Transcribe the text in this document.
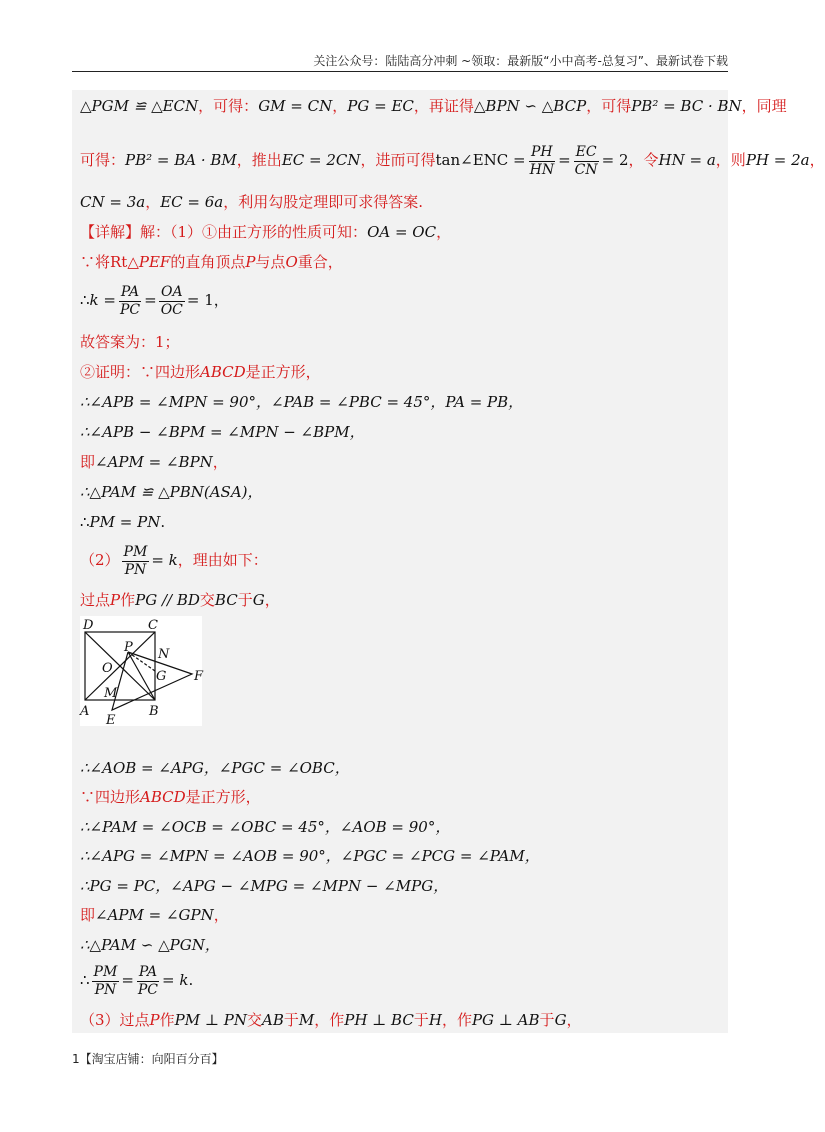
关注公众号：陆陆高分冲刺 ~领取：最新版“小中高考-总复习”、最新试卷下载
△PGM ≌ △ECN，可得：GM = CN，PG = EC，再证得△BPN ∽ △BCP，可得PB² = BC · BN，同理
可得：PB² = BA · BM，推出EC = 2CN，进而可得tan∠ENC = $\frac{PH}{HN} = \frac{EC}{CN} = 2$，令HN = a，则PH = 2a，
CN = 3a，EC = 6a，利用勾股定理即可求得答案.
【详解】解：（1）①由正方形的性质可知：OA = OC，
∵将Rt△PEF的直角顶点P与点O重合，
∴k = $\frac{PA}{PC} = \frac{OA}{OC} = 1$，
故答案为：1；
②证明：∵四边形ABCD是正方形，
∴∠APB = ∠MPN = 90°，∠PAB = ∠PBC = 45°，PA = PB，
∴∠APB − ∠BPM = ∠MPN − ∠BPM，
即∠APM = ∠BPN，
∴△PAM ≌ △PBN(ASA)，
∴PM = PN.
$(2) \frac{PM}{PN} = k$，理由如下：
过点P作PG // BD交BC于G，
D	C
P N
O
G F
M
A
E
B
∴∠AOB = ∠APG，∠PGC = ∠OBC，
∵四边形ABCD是正方形，
∴∠PAM = ∠OCB = ∠OBC = 45°，∠AOB = 90°，
∴∠APG = ∠MPN = ∠AOB = 90°，∠PGC = ∠PCG = ∠PAM，
∴PG = PC，∠APG − ∠MPG = ∠MPN − ∠MPG，
即∠APM = ∠GPN，
∴△PAM ∽ △PGN，
∴ $\frac{PM}{PN} = \frac{PA}{PC} = k$.
（3）过点P作PM ⊥ PN交AB于M，作PH ⊥ BC于H，作PG ⊥ AB于G，
1【淘宝店铺：向阳百分百】
